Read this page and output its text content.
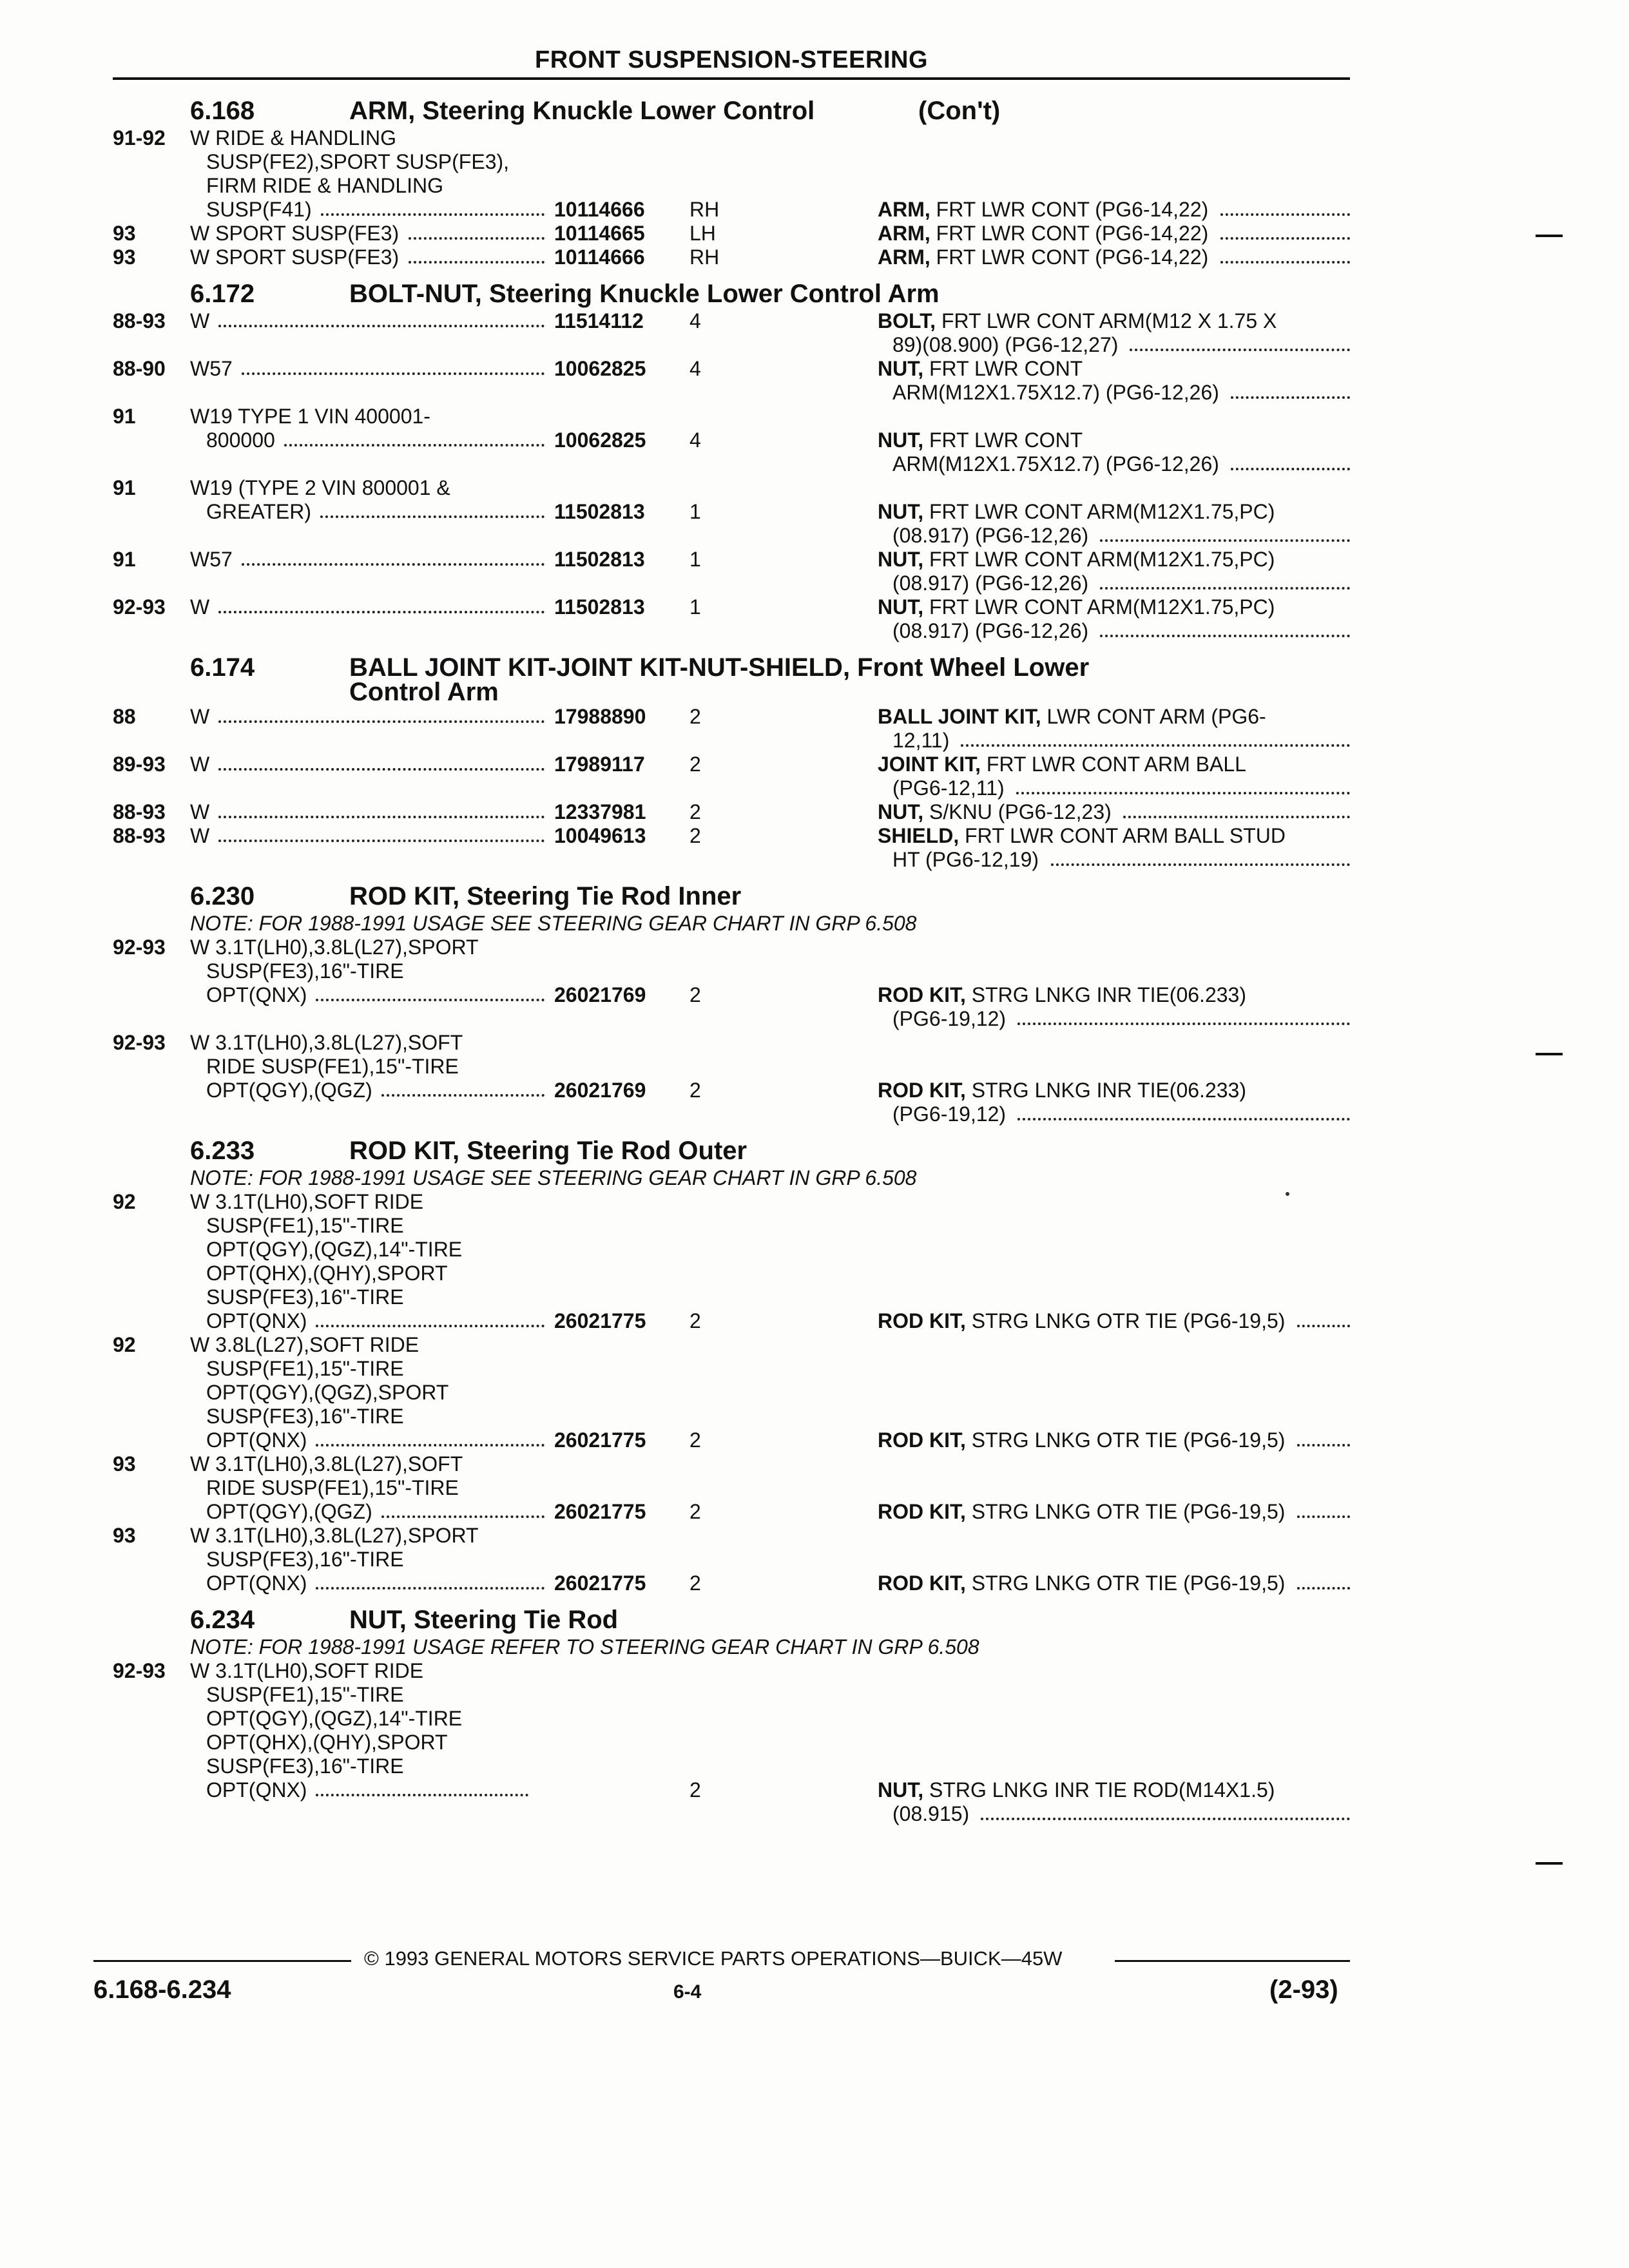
FRONT SUSPENSION-STEERING
6.168	ARM, Steering Knuckle Lower Control	(Con't)
91-92 W RIDE & HANDLING
SUSP(FE2),SPORT SUSP(FE3),
FIRM RIDE & HANDLING
SUSP(F41)	10114666 RH	ARM, FRT LWR CONT (PG6-14,22)
93	W SPORT SUSP(FE3)	10114665 LH	ARM, FRT LWR CONT (PG6-14,22)
93	W SPORT SUSP(FE3)	10114666 RH	ARM, FRT LWR CONT (PG6-14,22)
6.172	BOLT-NUT, Steering Knuckle Lower Control Arm
88-93 W	11514112 4	BOLT, FRT LWR CONT ARM(M12 X 1.75 X
89)(08.900) (PG6-12,27)
88-90 W57	10062825 4	NUT, FRT LWR CONT
ARM(M12X1.75X12.7) (PG6-12,26)
91	W19 TYPE 1 VIN 400001-
800000	10062825 4	NUT, FRT LWR CONT
ARM(M12X1.75X12.7) (PG6-12,26)
91	W19 (TYPE 2 VIN 800001 &
GREATER)	11502813 1	NUT, FRT LWR CONT ARM(M12X1.75,PC)
(08.917) (PG6-12,26)
91	W57	11502813 1	NUT, FRT LWR CONT ARM(M12X1.75,PC)
(08.917) (PG6-12,26)
92-93 W	11502813 1	NUT, FRT LWR CONT ARM(M12X1.75,PC)
(08.917) (PG6-12,26)
6.174	BALL JOINT KIT-JOINT KIT-NUT-SHIELD, Front Wheel Lower
Control Arm
88	W	17988890 2	BALL JOINT KIT, LWR CONT ARM (PG6-
12,11)
89-93 W	17989117 2	JOINT KIT, FRT LWR CONT ARM BALL
(PG6-12,11)
88-93 W	12337981 2	NUT, S/KNU (PG6-12,23)
88-93 W	10049613 2	SHIELD, FRT LWR CONT ARM BALL STUD
HT (PG6-12,19)
6.230	ROD KIT, Steering Tie Rod Inner
NOTE: FOR 1988-1991 USAGE SEE STEERING GEAR CHART IN GRP 6.508
92-93 W 3.1T(LH0),3.8L(L27),SPORT
SUSP(FE3),16"-TIRE
OPT(QNX)	26021769 2	ROD KIT, STRG LNKG INR TIE(06.233)
(PG6-19,12)
92-93 W 3.1T(LH0),3.8L(L27),SOFT
RIDE SUSP(FE1),15"-TIRE
OPT(QGY),(QGZ)	26021769 2	ROD KIT, STRG LNKG INR TIE(06.233)
(PG6-19,12)
6.233	ROD KIT, Steering Tie Rod Outer
NOTE: FOR 1988-1991 USAGE SEE STEERING GEAR CHART IN GRP 6.508
92	W 3.1T(LH0),SOFT RIDE
SUSP(FE1),15"-TIRE
OPT(QGY),(QGZ),14"-TIRE
OPT(QHX),(QHY),SPORT
SUSP(FE3),16"-TIRE
OPT(QNX)	26021775 2	ROD KIT, STRG LNKG OTR TIE (PG6-19,5)
92	W 3.8L(L27),SOFT RIDE
SUSP(FE1),15"-TIRE
OPT(QGY),(QGZ),SPORT
SUSP(FE3),16"-TIRE
OPT(QNX)	26021775 2	ROD KIT, STRG LNKG OTR TIE (PG6-19,5)
93	W 3.1T(LH0),3.8L(L27),SOFT
RIDE SUSP(FE1),15"-TIRE
OPT(QGY),(QGZ)	26021775 2	ROD KIT, STRG LNKG OTR TIE (PG6-19,5)
93	W 3.1T(LH0),3.8L(L27),SPORT
SUSP(FE3),16"-TIRE
OPT(QNX)	26021775 2	ROD KIT, STRG LNKG OTR TIE (PG6-19,5)
6.234	NUT, Steering Tie Rod
NOTE: FOR 1988-1991 USAGE REFER TO STEERING GEAR CHART IN GRP 6.508
92-93 W 3.1T(LH0),SOFT RIDE
SUSP(FE1),15"-TIRE
OPT(QGY),(QGZ),14"-TIRE
OPT(QHX),(QHY),SPORT
SUSP(FE3),16"-TIRE
OPT(QNX)	2	NUT, STRG LNKG INR TIE ROD(M14X1.5)
(08.915)
© 1993 GENERAL MOTORS SERVICE PARTS OPERATIONS—BUICK—45W
6.168-6.234	6-4	(2-93)
